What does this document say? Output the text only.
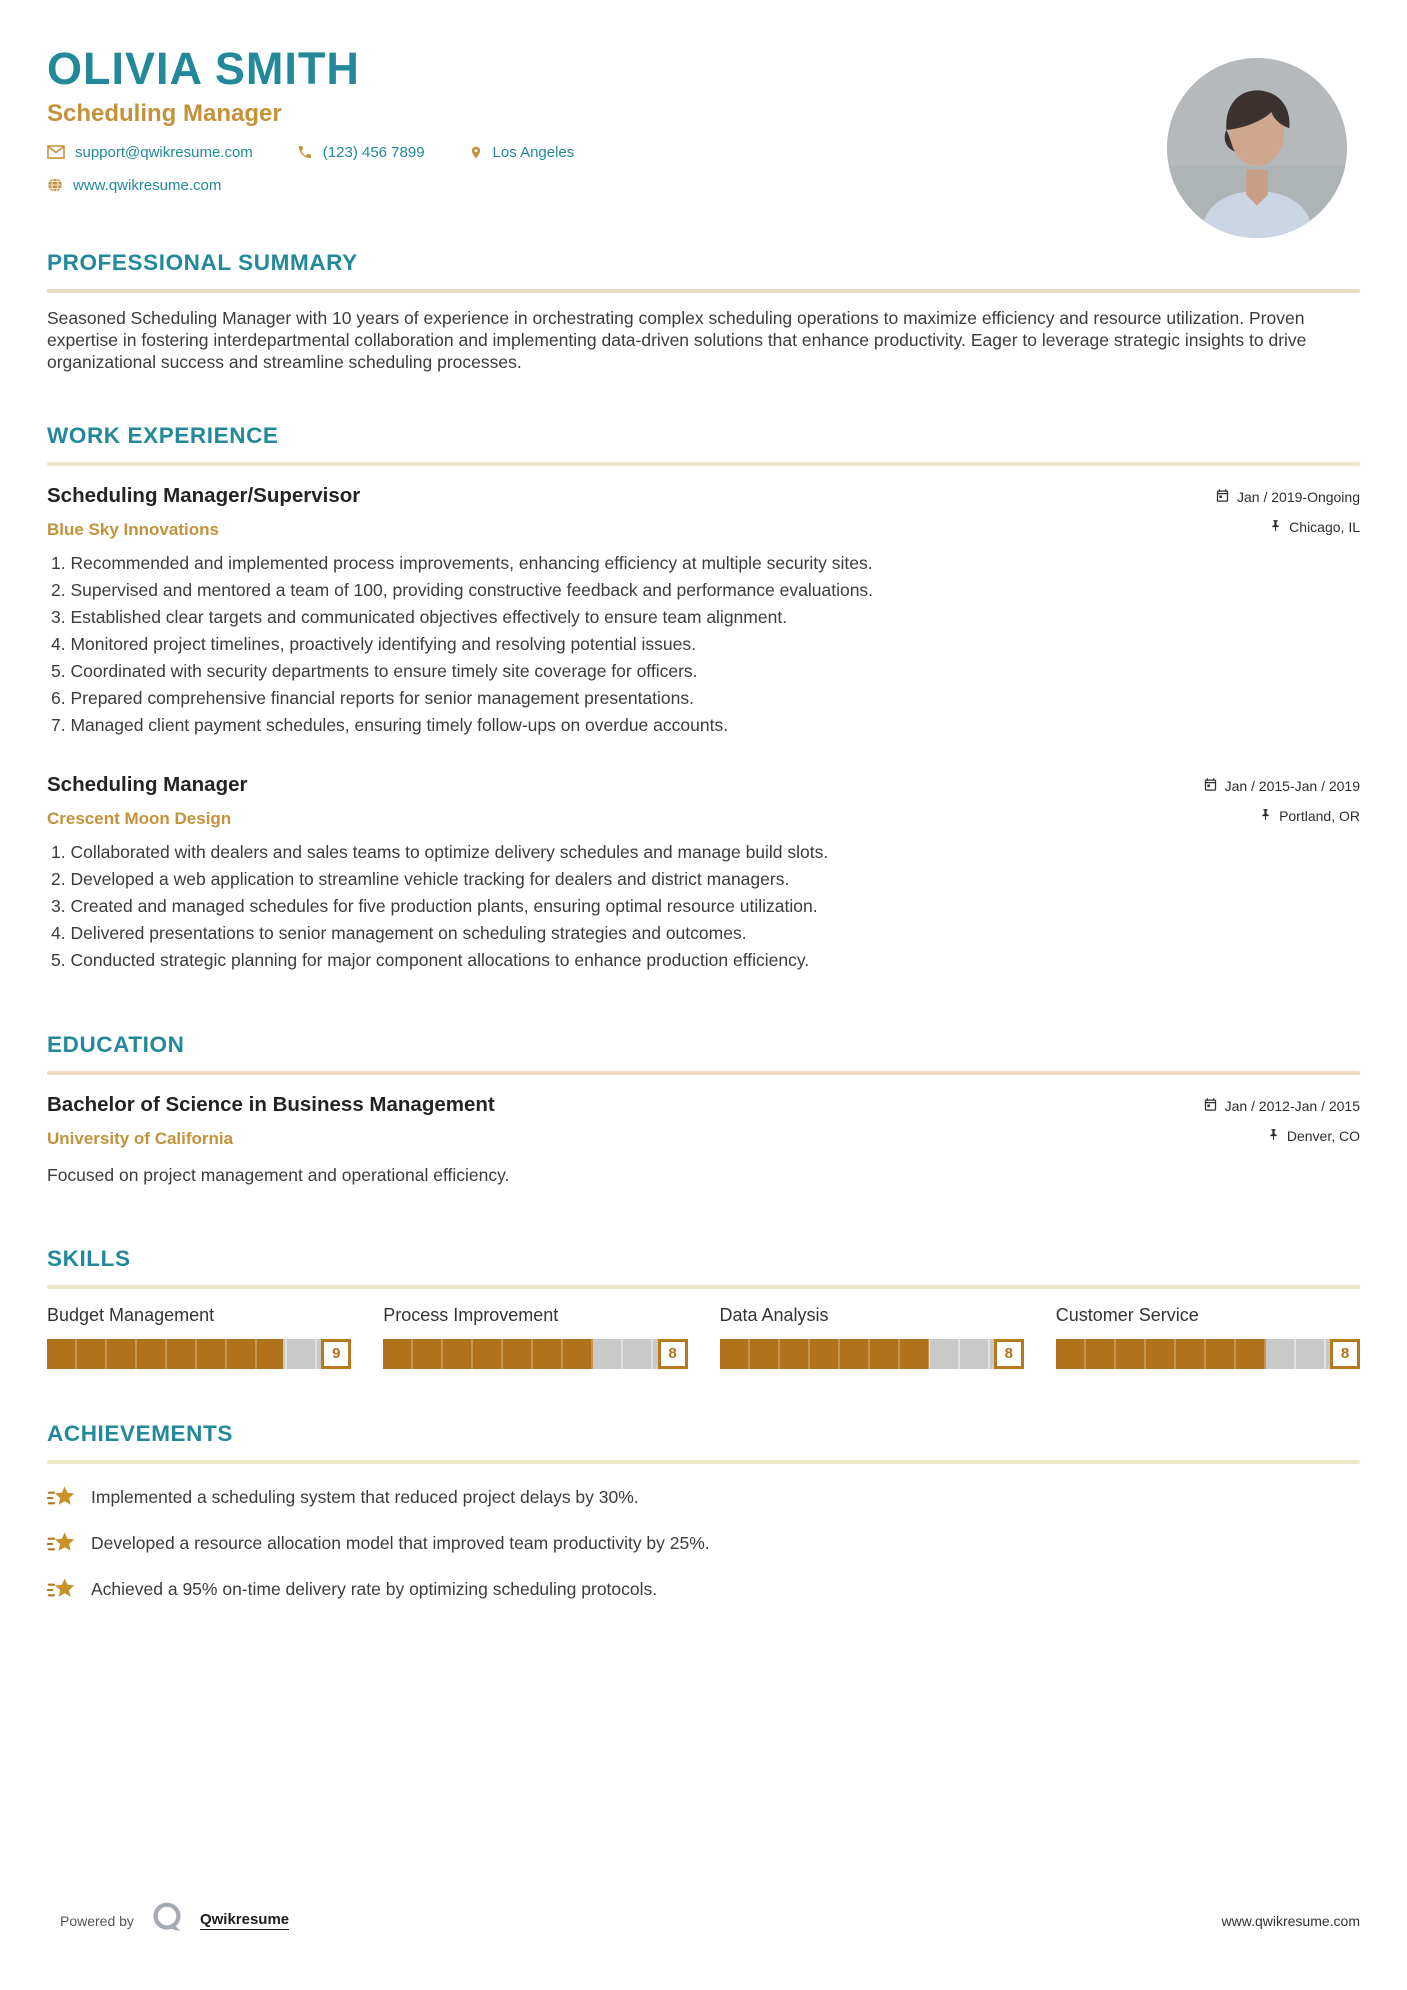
OLIVIA SMITH
Scheduling Manager
support@qwikresume.com	(123) 456 7899	Los Angeles
www.qwikresume.com
PROFESSIONAL SUMMARY

Seasoned Scheduling Manager with 10 years of experience in orchestrating complex scheduling operations to maximize efficiency and resource utilization. Proven expertise in fostering interdepartmental collaboration and implementing data-driven solutions that enhance productivity. Eager to leverage strategic insights to drive organizational success and streamline scheduling processes.

WORK EXPERIENCE
Scheduling Manager/Supervisor
Blue Sky Innovations
Jan / 2019-Ongoing
Chicago, IL
1. Recommended and implemented process improvements, enhancing efficiency at multiple security sites.
2. Supervised and mentored a team of 100, providing constructive feedback and performance evaluations.
3. Established clear targets and communicated objectives effectively to ensure team alignment.
4. Monitored project timelines, proactively identifying and resolving potential issues.
5. Coordinated with security departments to ensure timely site coverage for officers.
6. Prepared comprehensive financial reports for senior management presentations.
7. Managed client payment schedules, ensuring timely follow-ups on overdue accounts.
Scheduling Manager
Crescent Moon Design
Jan / 2015-Jan / 2019
Portland, OR
1. Collaborated with dealers and sales teams to optimize delivery schedules and manage build slots.
2. Developed a web application to streamline vehicle tracking for dealers and district managers.
3. Created and managed schedules for five production plants, ensuring optimal resource utilization.
4. Delivered presentations to senior management on scheduling strategies and outcomes.
5. Conducted strategic planning for major component allocations to enhance production efficiency.
EDUCATION
Bachelor of Science in Business Management
University of California
Jan / 2012-Jan / 2015
Denver, CO

Focused on project management and operational efficiency.

SKILLS
Budget Management
9
Process Improvement
8
Data Analysis
8
Customer Service
8
ACHIEVEMENTS
Implemented a scheduling system that reduced project delays by 30%.
Developed a resource allocation model that improved team productivity by 25%.
Achieved a 95% on-time delivery rate by optimizing scheduling protocols.
Powered by	Qwikresume	www.qwikresume.com
